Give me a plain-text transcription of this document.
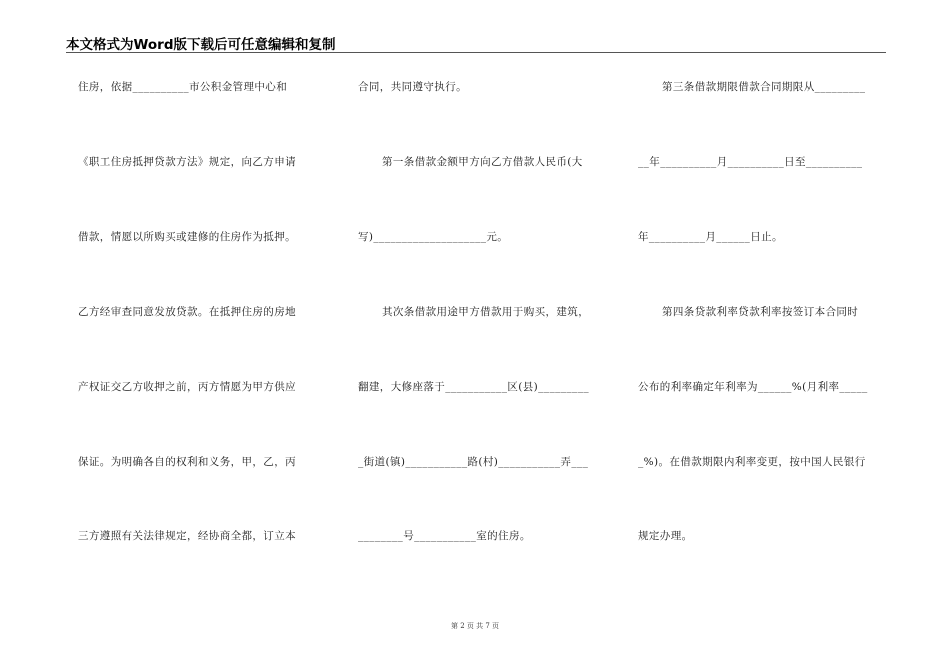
本文格式为Word版下载后可任意编辑和复制
住房，依据__________市公积金管理中心和
《职工住房抵押贷款方法》规定，向乙方申请
借款，情愿以所购买或建修的住房作为抵押。
乙方经审查同意发放贷款。在抵押住房的房地
产权证交乙方收押之前，丙方情愿为甲方供应
保证。为明确各自的权利和义务，甲，乙，丙
三方遵照有关法律规定，经协商全都，订立本
合同，共同遵守执行。
第一条借款金额甲方向乙方借款人民币(大
写)____________________元。
其次条借款用途甲方借款用于购买，建筑，
翻建，大修座落于___________区(县)_________
_街道(镇)___________路(村)___________弄___
________号___________室的住房。
第三条借款期限借款合同期限从_________
__年__________月__________日至__________
年__________月______日止。
第四条贷款利率贷款利率按签订本合同时
公布的利率确定年利率为______%(月利率_____
_%)。在借款期限内利率变更，按中国人民银行
规定办理。
第 2 页 共 7 页
